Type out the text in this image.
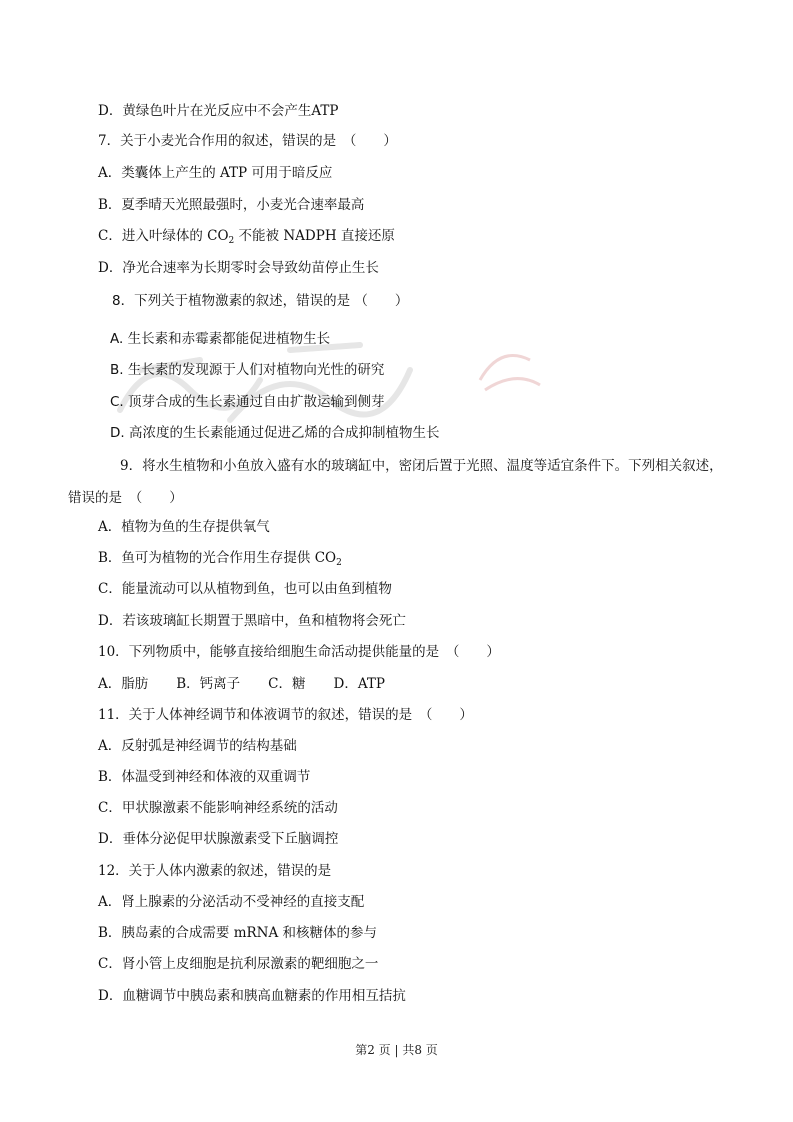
D．黄绿色叶片在光反应中不会产生ATP
7．关于小麦光合作用的叙述，错误的是　（　　）
A．类囊体上产生的 ATP 可用于暗反应
B．夏季晴天光照最强时，小麦光合速率最高
C．进入叶绿体的 $CO_2$ 不能被 NADPH 直接还原
D．净光合速率为长期零时会导致幼苗停止生长
8．下列关于植物激素的叙述，错误的是 （　　）
A. 生长素和赤霉素都能促进植物生长
B. 生长素的发现源于人们对植物向光性的研究
C. 顶芽合成的生长素通过自由扩散运输到侧芽
D. 高浓度的生长素能通过促进乙烯的合成抑制植物生长
9．将水生植物和小鱼放入盛有水的玻璃缸中，密闭后置于光照、温度等适宜条件下。下列相关叙述，
错误的是　（　　）
A．植物为鱼的生存提供氧气
B．鱼可为植物的光合作用生存提供 $CO_2$
C．能量流动可以从植物到鱼，也可以由鱼到植物
D．若该玻璃缸长期置于黑暗中，鱼和植物将会死亡
10．下列物质中，能够直接给细胞生命活动提供能量的是　（　　）
A．脂肪 B．钙离子 C．糖 D．ATP
11．关于人体神经调节和体液调节的叙述，错误的是　（　　）
A．反射弧是神经调节的结构基础
B．体温受到神经和体液的双重调节
C．甲状腺激素不能影响神经系统的活动
D．垂体分泌促甲状腺激素受下丘脑调控
12．关于人体内激素的叙述，错误的是
A．肾上腺素的分泌活动不受神经的直接支配
B．胰岛素的合成需要 mRNA 和核糖体的参与
C．肾小管上皮细胞是抗利尿激素的靶细胞之一
D．血糖调节中胰岛素和胰高血糖素的作用相互拮抗
第2 页 | 共8 页
